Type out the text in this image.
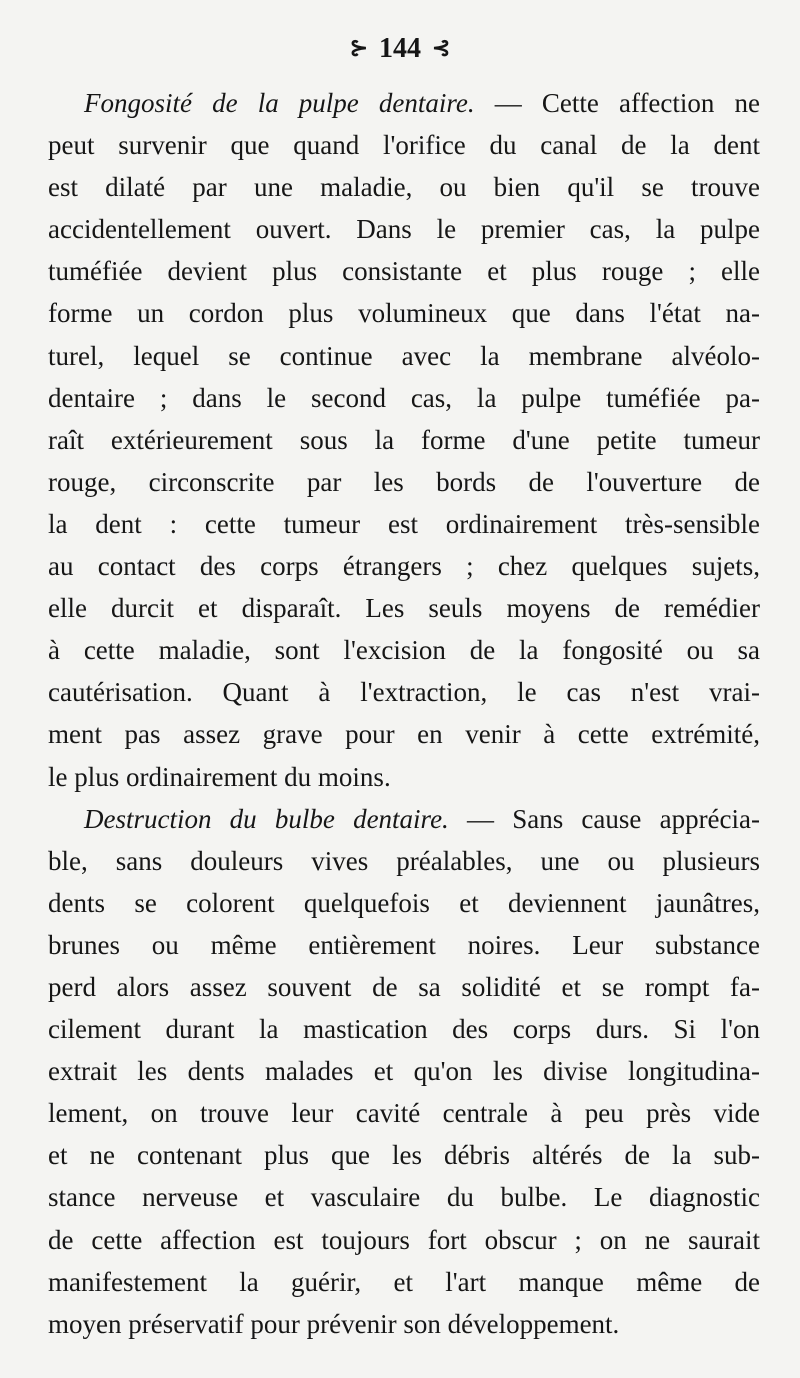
⊱ 144 ⊰
Fongosité de la pulpe dentaire. — Cette affection ne
peut survenir que quand l'orifice du canal de la dent
est dilaté par une maladie, ou bien qu'il se trouve
accidentellement ouvert. Dans le premier cas, la pulpe
tuméfiée devient plus consistante et plus rouge ; elle
forme un cordon plus volumineux que dans l'état na-
turel, lequel se continue avec la membrane alvéolo-
dentaire ; dans le second cas, la pulpe tuméfiée pa-
raît extérieurement sous la forme d'une petite tumeur
rouge, circonscrite par les bords de l'ouverture de
la dent : cette tumeur est ordinairement très-sensible
au contact des corps étrangers ; chez quelques sujets,
elle durcit et disparaît. Les seuls moyens de remédier
à cette maladie, sont l'excision de la fongosité ou sa
cautérisation. Quant à l'extraction, le cas n'est vrai-
ment pas assez grave pour en venir à cette extrémité,
le plus ordinairement du moins.
Destruction du bulbe dentaire. — Sans cause apprécia-
ble, sans douleurs vives préalables, une ou plusieurs
dents se colorent quelquefois et deviennent jaunâtres,
brunes ou même entièrement noires. Leur substance
perd alors assez souvent de sa solidité et se rompt fa-
cilement durant la mastication des corps durs. Si l'on
extrait les dents malades et qu'on les divise longitudina-
lement, on trouve leur cavité centrale à peu près vide
et ne contenant plus que les débris altérés de la sub-
stance nerveuse et vasculaire du bulbe. Le diagnostic
de cette affection est toujours fort obscur ; on ne saurait
manifestement la guérir, et l'art manque même de
moyen préservatif pour prévenir son développement.
